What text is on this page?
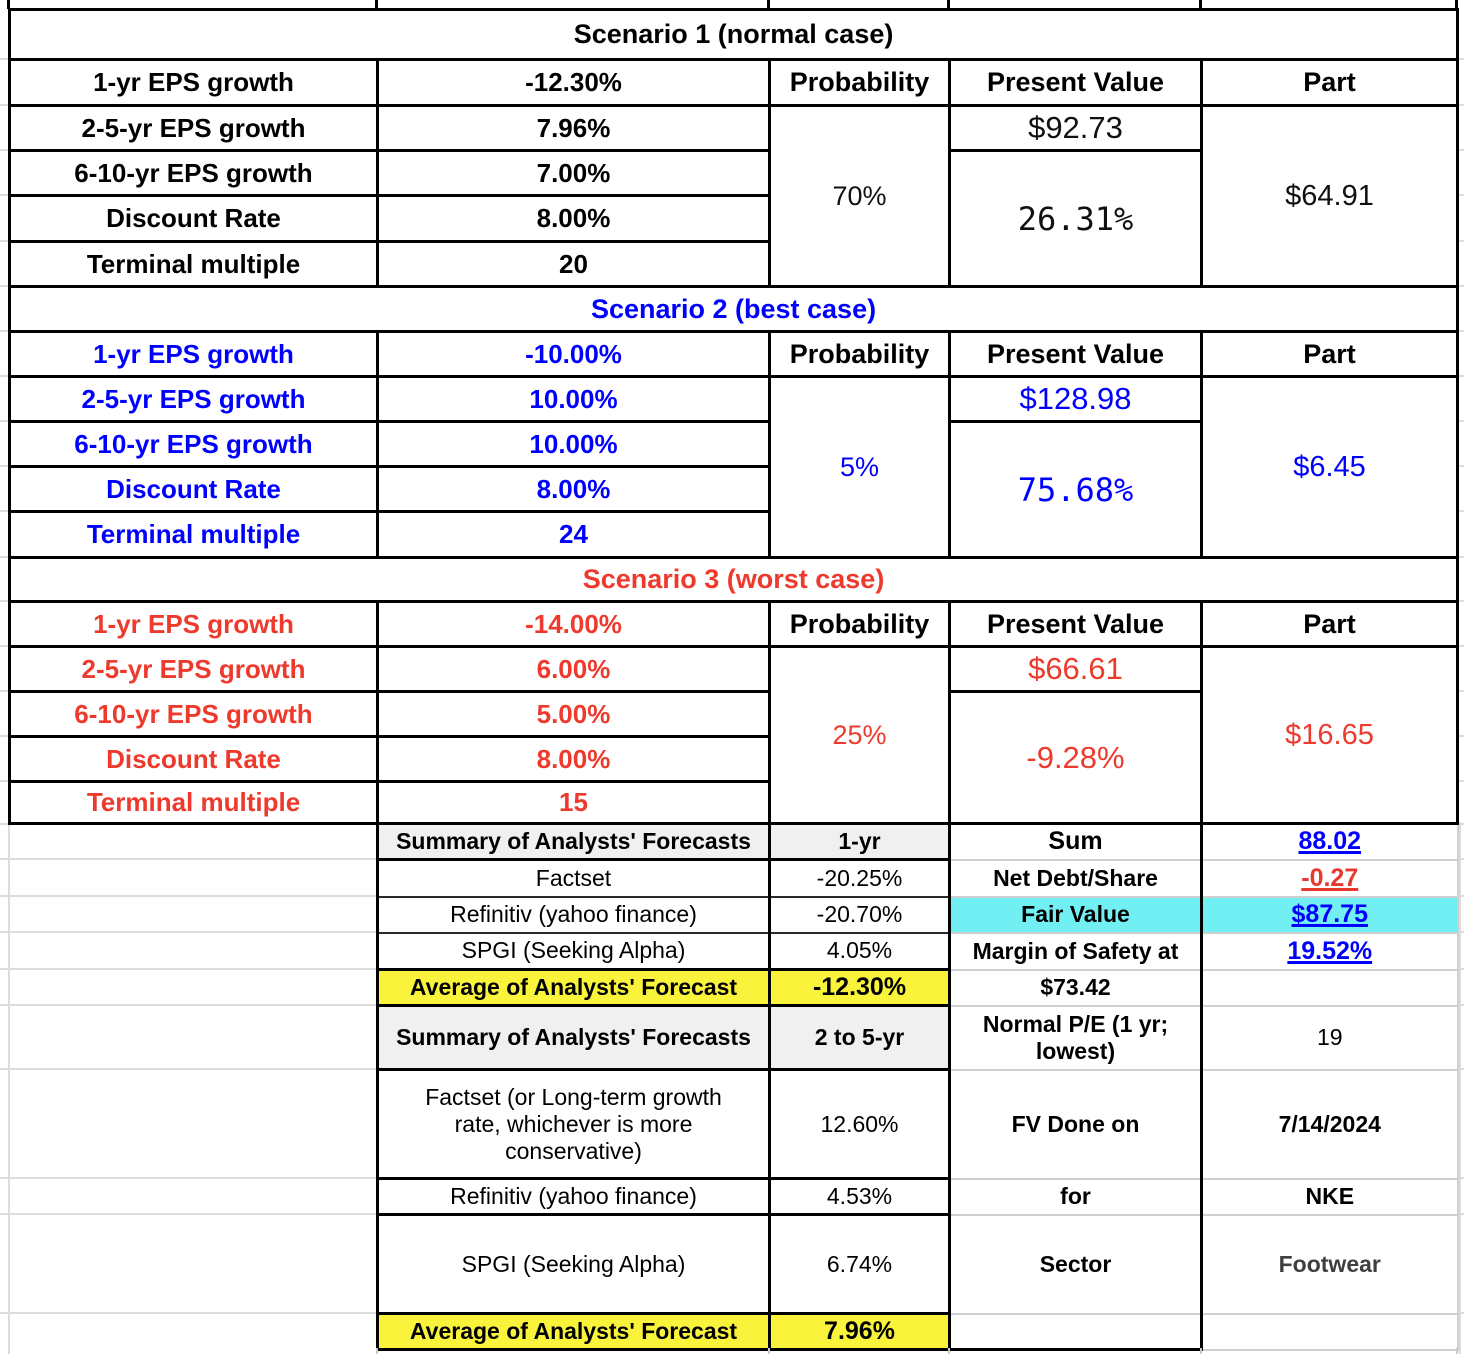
Scenario 1 (normal case)				
1-yr EPS growth	-12.30%	Probability	Present Value	Part
2-5-yr EPS growth	7.96%	70%	$92.73	$64.91
6-10-yr EPS growth	7.00%		26.31%	
Discount Rate	8.00%			
Terminal multiple	20			
Scenario 2 (best case)				
1-yr EPS growth	-10.00%	Probability	Present Value	Part
2-5-yr EPS growth	10.00%	5%	$128.98	$6.45
6-10-yr EPS growth	10.00%		75.68%	
Discount Rate	8.00%			
Terminal multiple	24			
Scenario 3 (worst case)				
1-yr EPS growth	-14.00%	Probability	Present Value	Part
2-5-yr EPS growth	6.00%	25%	$66.61	$16.65
6-10-yr EPS growth	5.00%		-9.28%	
Discount Rate	8.00%			
Terminal multiple	15			
Summary of Analysts' Forecasts	1-yr	Sum	88.02
Factset	-20.25%	Net Debt/Share	-0.27
Refinitiv (yahoo finance)	-20.70%	Fair Value	$87.75
SPGI (Seeking Alpha)	4.05%	Margin of Safety at	19.52%
Average of Analysts' Forecast	-12.30%	$73.42	
Summary of Analysts' Forecasts	2 to 5-yr	Normal P/E (1 yr; lowest)	19
Factset (or Long-term growth rate, whichever is more conservative)	12.60%	FV Done on	7/14/2024
Refinitiv (yahoo finance)	4.53%	for	NKE
SPGI (Seeking Alpha)	6.74%	Sector	Footwear
Average of Analysts' Forecast	7.96%		
